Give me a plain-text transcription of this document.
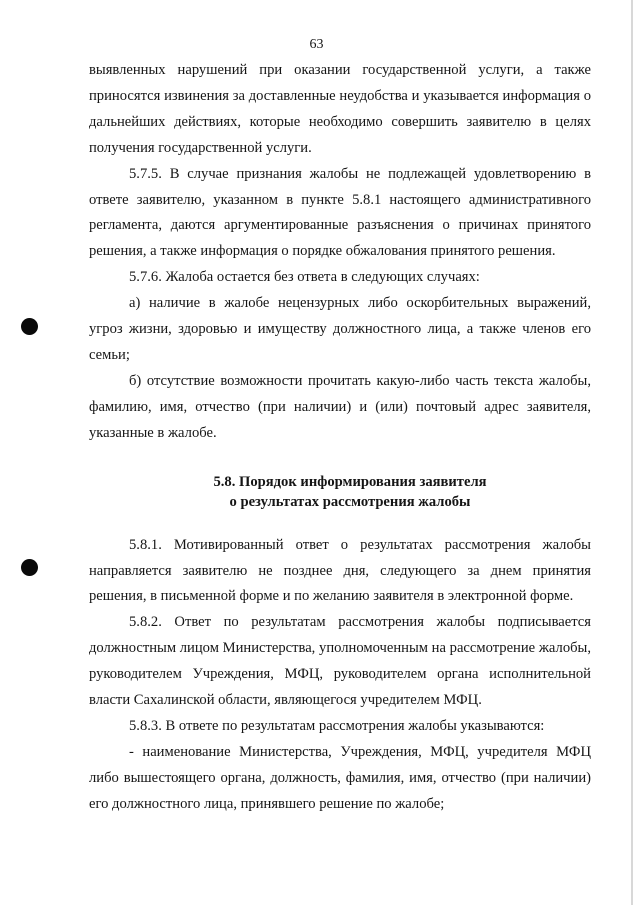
63

выявленных нарушений при оказании государственной услуги, а также приносятся извинения за доставленные неудобства и указывается информация о дальнейших действиях, которые необходимо совершить заявителю в целях получения государственной услуги.

5.7.5. В случае признания жалобы не подлежащей удовлетворению в ответе заявителю, указанном в пункте 5.8.1 настоящего административного регламента, даются аргументированные разъяснения о причинах принятого решения, а также информация о порядке обжалования принятого решения.

5.7.6. Жалоба остается без ответа в следующих случаях:

а) наличие в жалобе нецензурных либо оскорбительных выражений, угроз жизни, здоровью и имуществу должностного лица, а также членов его семьи;

б) отсутствие возможности прочитать какую-либо часть текста жалобы, фамилию, имя, отчество (при наличии) и (или) почтовый адрес заявителя, указанные в жалобе.

5.8. Порядок информирования заявителя
о результатах рассмотрения жалобы

5.8.1. Мотивированный ответ о результатах рассмотрения жалобы направляется заявителю не позднее дня, следующего за днем принятия решения, в письменной форме и по желанию заявителя в электронной форме.

5.8.2. Ответ по результатам рассмотрения жалобы подписывается должностным лицом Министерства, уполномоченным на рассмотрение жалобы, руководителем Учреждения, МФЦ, руководителем органа исполнительной власти Сахалинской области, являющегося учредителем МФЦ.

5.8.3. В ответе по результатам рассмотрения жалобы указываются:

- наименование Министерства, Учреждения, МФЦ, учредителя МФЦ либо вышестоящего органа, должность, фамилия, имя, отчество (при наличии) его должностного лица, принявшего решение по жалобе;
